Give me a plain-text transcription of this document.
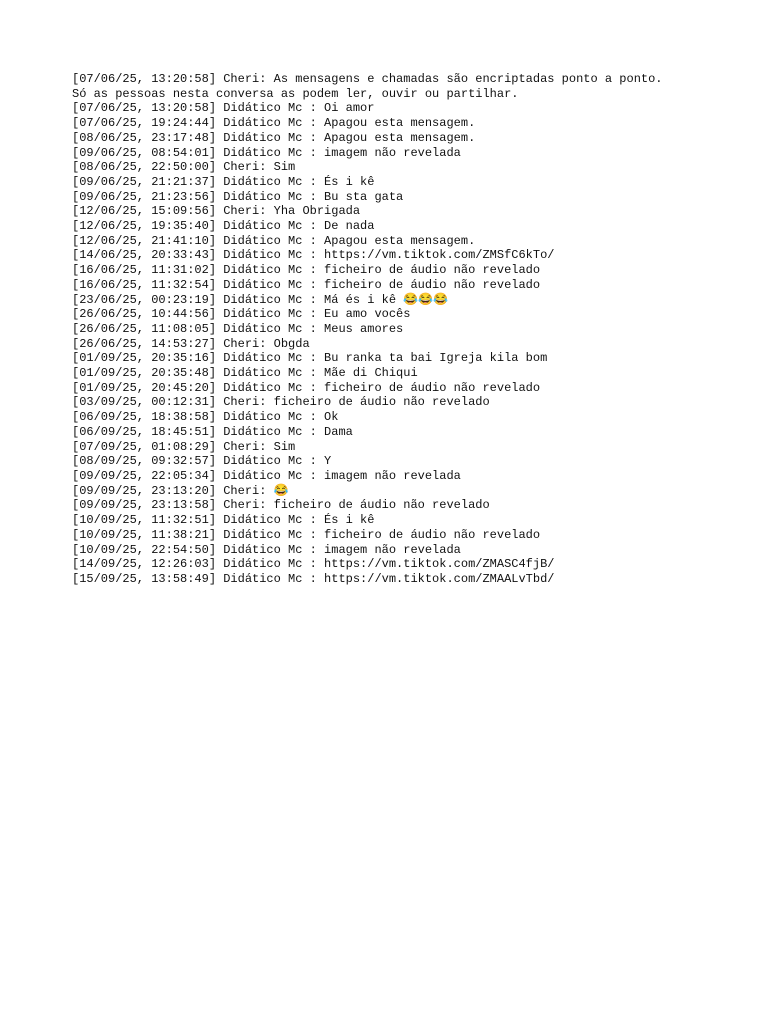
[07/06/25, 13:20:58] Cheri: As mensagens e chamadas são encriptadas ponto a ponto.
Só as pessoas nesta conversa as podem ler, ouvir ou partilhar.
[07/06/25, 13:20:58] Didático Mc : Oi amor
[07/06/25, 19:24:44] Didático Mc : Apagou esta mensagem.
[08/06/25, 23:17:48] Didático Mc : Apagou esta mensagem.
[09/06/25, 08:54:01] Didático Mc : imagem não revelada
[08/06/25, 22:50:00] Cheri: Sim
[09/06/25, 21:21:37] Didático Mc : És i kê
[09/06/25, 21:23:56] Didático Mc : Bu sta gata
[12/06/25, 15:09:56] Cheri: Yha Obrigada
[12/06/25, 19:35:40] Didático Mc : De nada
[12/06/25, 21:41:10] Didático Mc : Apagou esta mensagem.
[14/06/25, 20:33:43] Didático Mc : https://vm.tiktok.com/ZMSfC6kTo/
[16/06/25, 11:31:02] Didático Mc : ficheiro de áudio não revelado
[16/06/25, 11:32:54] Didático Mc : ficheiro de áudio não revelado
[23/06/25, 00:23:19] Didático Mc : Má és i kê 😂😂😂
[26/06/25, 10:44:56] Didático Mc : Eu amo vocês
[26/06/25, 11:08:05] Didático Mc : Meus amores
[26/06/25, 14:53:27] Cheri: Obgda
[01/09/25, 20:35:16] Didático Mc : Bu ranka ta bai Igreja kila bom
[01/09/25, 20:35:48] Didático Mc : Mãe di Chiqui
[01/09/25, 20:45:20] Didático Mc : ficheiro de áudio não revelado
[03/09/25, 00:12:31] Cheri: ficheiro de áudio não revelado
[06/09/25, 18:38:58] Didático Mc : Ok
[06/09/25, 18:45:51] Didático Mc : Dama
[07/09/25, 01:08:29] Cheri: Sim
[08/09/25, 09:32:57] Didático Mc : Y
[09/09/25, 22:05:34] Didático Mc : imagem não revelada
[09/09/25, 23:13:20] Cheri: 😂
[09/09/25, 23:13:58] Cheri: ficheiro de áudio não revelado
[10/09/25, 11:32:51] Didático Mc : És i kê
[10/09/25, 11:38:21] Didático Mc : ficheiro de áudio não revelado
[10/09/25, 22:54:50] Didático Mc : imagem não revelada
[14/09/25, 12:26:03] Didático Mc : https://vm.tiktok.com/ZMASC4fjB/
[15/09/25, 13:58:49] Didático Mc : https://vm.tiktok.com/ZMAALvTbd/
